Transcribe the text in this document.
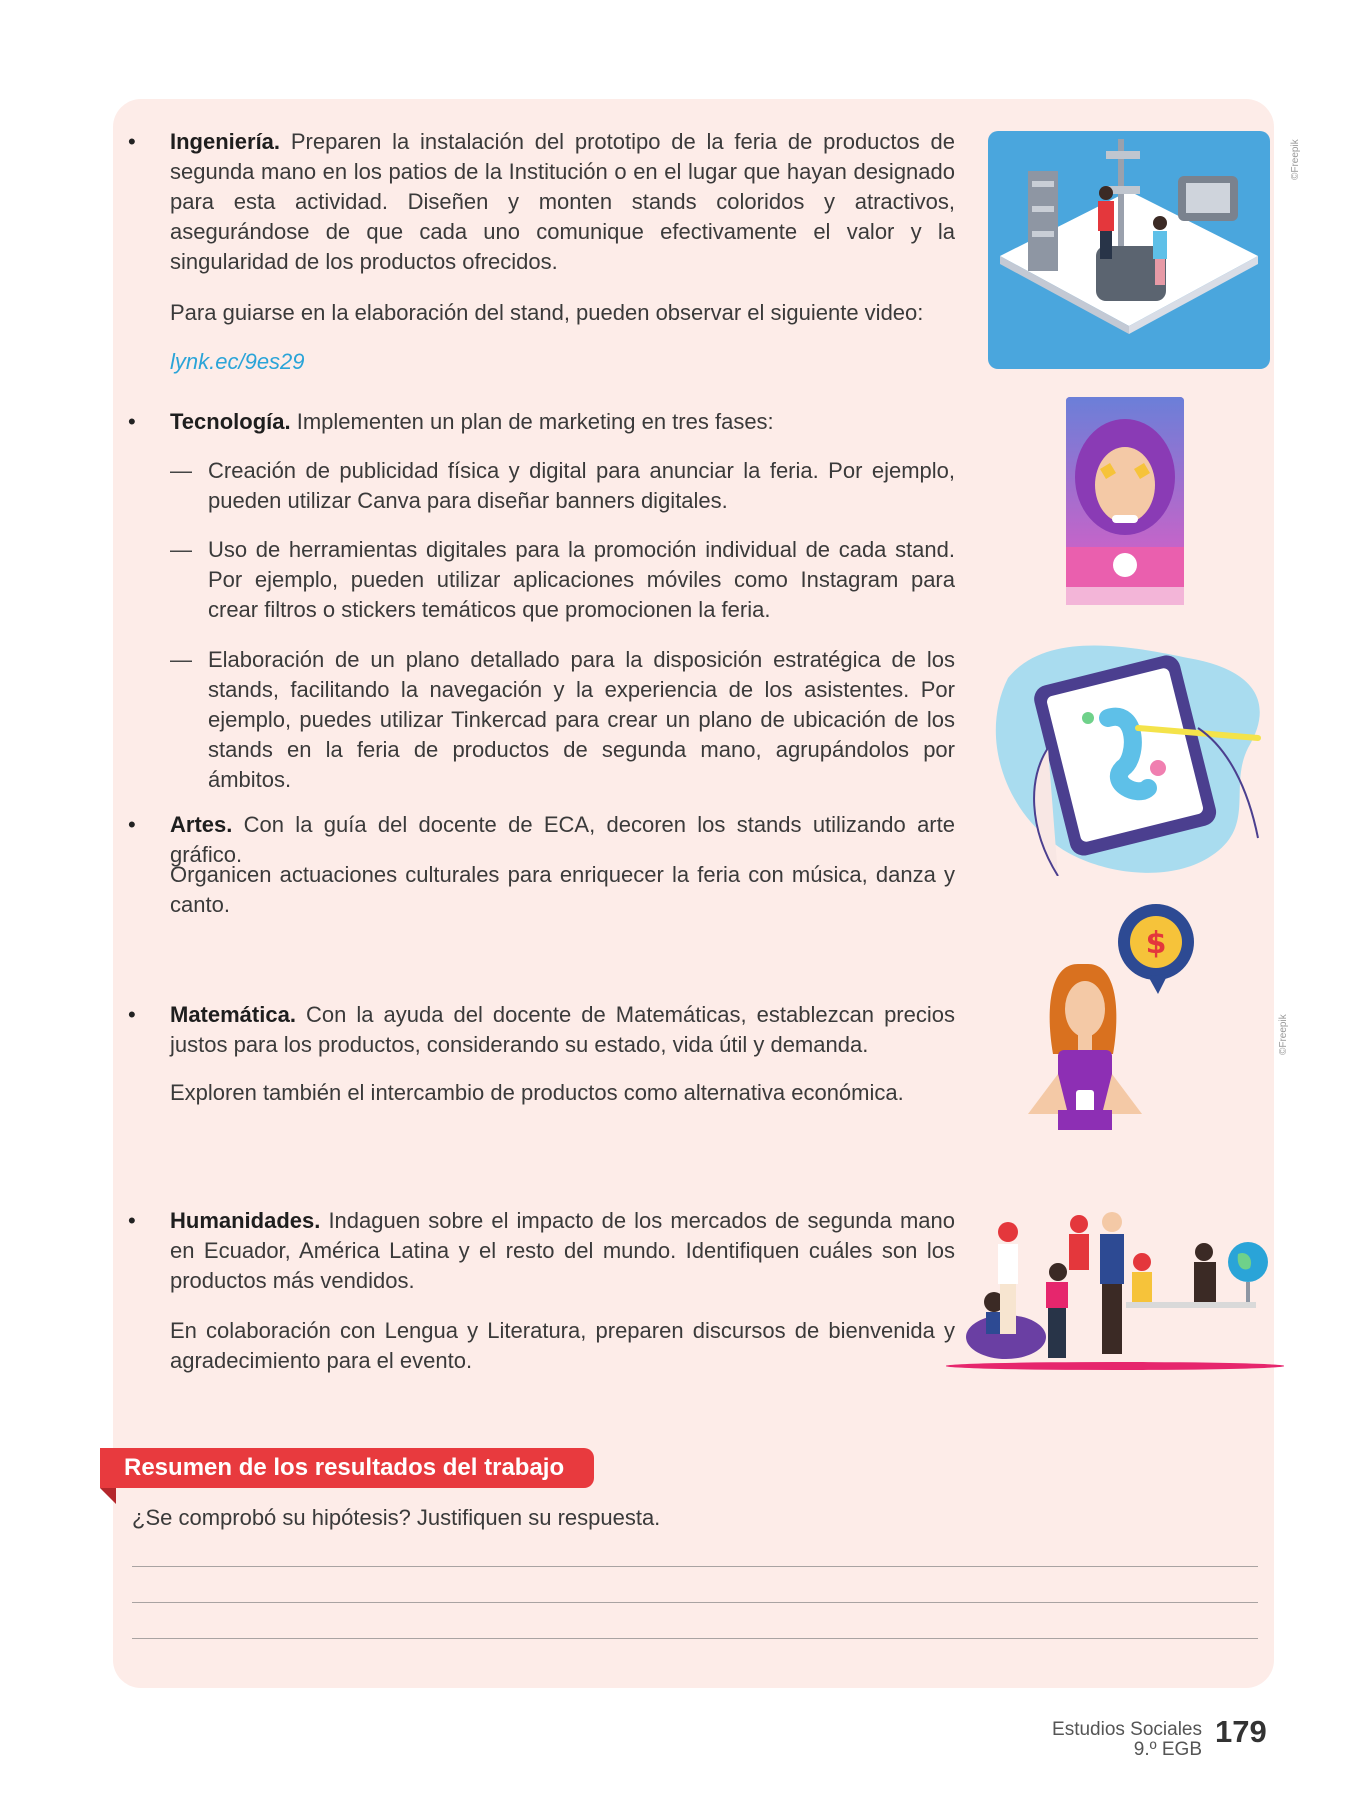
• Ingeniería. Preparen la instalación del prototipo de la feria de productos de segunda mano en los patios de la Institución o en el lugar que hayan designado para esta actividad. Diseñen y monten stands coloridos y atractivos, asegurándose de que cada uno comunique efectivamente el valor y la singularidad de los productos ofrecidos.

Para guiarse en la elaboración del stand, pueden observar el siguiente video:
lynk.ec/9es29
• Tecnología. Implementen un plan de marketing en tres fases:

— Creación de publicidad física y digital para anunciar la feria. Por ejemplo, pueden utilizar Canva para diseñar banners digitales.
— Uso de herramientas digitales para la promoción individual de cada stand. Por ejemplo, pueden utilizar aplicaciones móviles como Instagram para crear filtros o stickers temáticos que promocionen la feria.
— Elaboración de un plano detallado para la disposición estratégica de los stands, facilitando la navegación y la experiencia de los asistentes. Por ejemplo, puedes utilizar Tinkercad para crear un plano de ubicación de los stands en la feria de productos de segunda mano, agrupándolos por ámbitos.
• Artes. Con la guía del docente de ECA, decoren los stands utilizando arte gráfico.

Organicen actuaciones culturales para enriquecer la feria con música, danza y canto.
• Matemática. Con la ayuda del docente de Matemáticas, establezcan precios justos para los productos, considerando su estado, vida útil y demanda.

Exploren también el intercambio de productos como alternativa económica.
• Humanidades. Indaguen sobre el impacto de los mercados de segunda mano en Ecuador, América Latina y el resto del mundo. Identifiquen cuáles son los productos más vendidos.

En colaboración con Lengua y Literatura, preparen discursos de bienvenida y agradecimiento para el evento.
©Freepik
$
©Freepik
Resumen de los resultados del trabajo
¿Se comprobó su hipótesis? Justifiquen su respuesta.
Estudios Sociales
9.º EGB
179
